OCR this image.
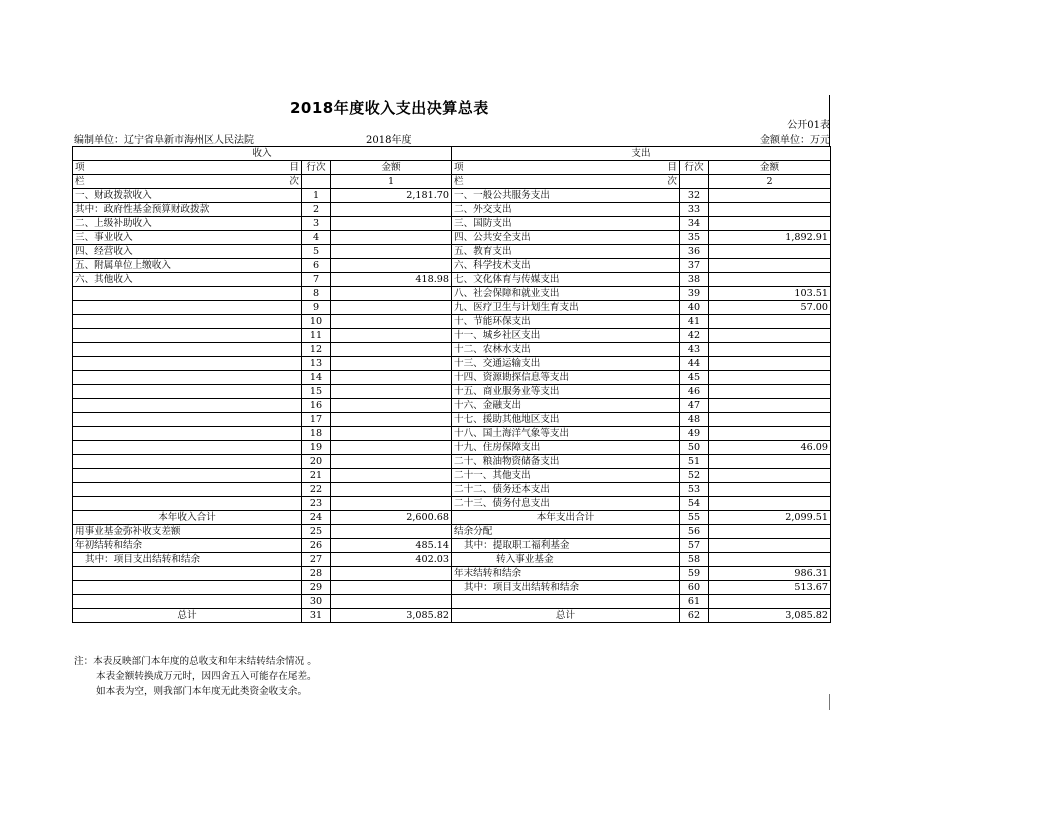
2018年度收入支出决算总表
公开01表
编制单位：辽宁省阜新市海州区人民法院	2018年度	金额单位：万元
收入			支出		

项 目	行次	金额	项 目	行次	金额

栏 次		1	栏 次		2
一、财政拨款收入	1	2,181.70	一、一般公共服务支出	32	
其中：政府性基金预算财政拨款	2		二、外交支出	33	
二、上级补助收入	3		三、国防支出	34	
三、事业收入	4		四、公共安全支出	35	1,892.91
四、经营收入	5		五、教育支出	36	
五、附属单位上缴收入	6		六、科学技术支出	37	
六、其他收入	7	418.98	七、文化体育与传媒支出	38	
	8		八、社会保障和就业支出	39	103.51
	9		九、医疗卫生与计划生育支出	40	57.00
	10		十、节能环保支出	41	
	11		十一、城乡社区支出	42	
	12		十二、农林水支出	43	
	13		十三、交通运输支出	44	
	14		十四、资源勘探信息等支出	45	
	15		十五、商业服务业等支出	46	
	16		十六、金融支出	47	
	17		十七、援助其他地区支出	48	
	18		十八、国土海洋气象等支出	49	
	19		十九、住房保障支出	50	46.09
	20		二十、粮油物资储备支出	51	
	21		二十一、其他支出	52	
	22		二十二、债务还本支出	53	
	23		二十三、债务付息支出	54	
本年收入合计	24	2,600.68	本年支出合计	55	2,099.51
用事业基金弥补收支差额	25		结余分配	56	
年初结转和结余	26	485.14	其中：提取职工福利基金	57	
其中：项目支出结转和结余	27	402.03	转入事业基金	58	
	28		年末结转和结余	59	986.31
	29		其中：项目支出结转和结余	60	513.67
	30			61	
总计	31	3,085.82	总计	62	3,085.82
注：本表反映部门本年度的总收支和年末结转结余情况 。
本表金额转换成万元时，因四舍五入可能存在尾差。
如本表为空，则我部门本年度无此类资金收支余。
